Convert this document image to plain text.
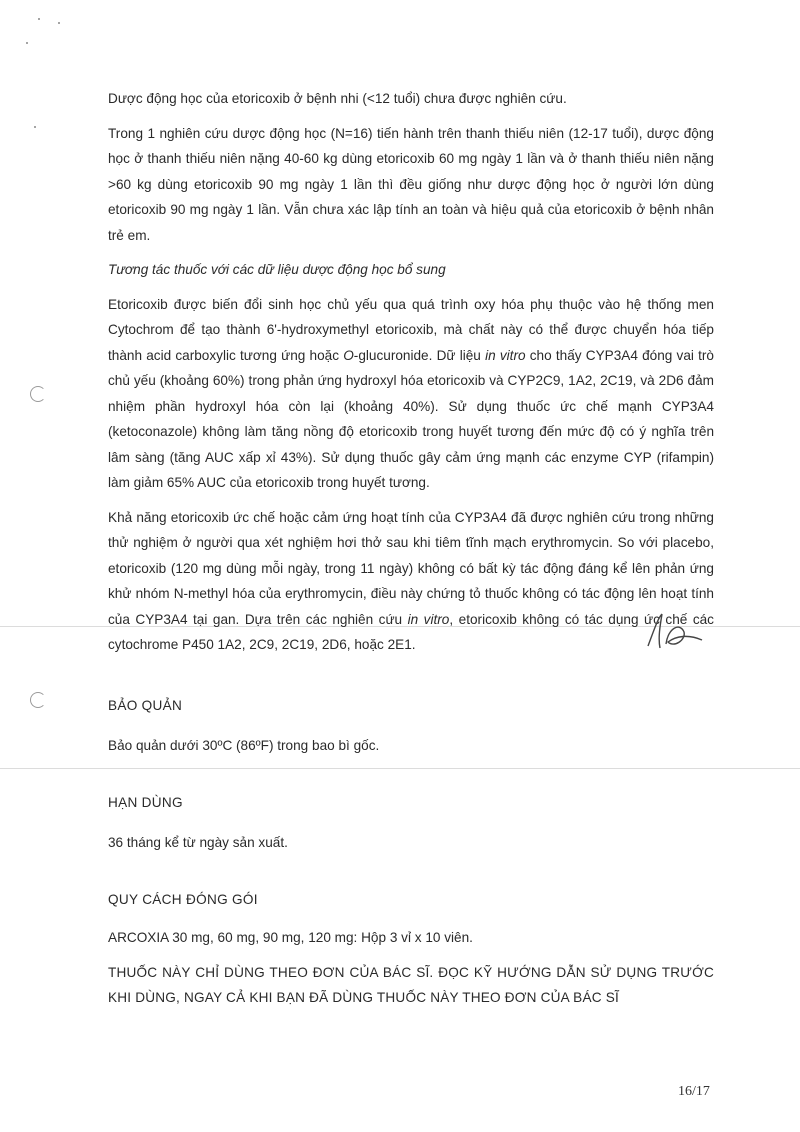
Dược động học của etoricoxib ở bệnh nhi (<12 tuổi) chưa được nghiên cứu.

Trong 1 nghiên cứu dược động học (N=16) tiến hành trên thanh thiếu niên (12-17 tuổi), dược động học ở thanh thiếu niên nặng 40-60 kg dùng etoricoxib 60 mg ngày 1 lần và ở thanh thiếu niên nặng >60 kg dùng etoricoxib 90 mg ngày 1 lần thì đều giống như dược động học ở người lớn dùng etoricoxib 90 mg ngày 1 lần. Vẫn chưa xác lập tính an toàn và hiệu quả của etoricoxib ở bệnh nhân trẻ em.

Tương tác thuốc với các dữ liệu dược động học bổ sung

Etoricoxib được biến đổi sinh học chủ yếu qua quá trình oxy hóa phụ thuộc vào hệ thống men Cytochrom để tạo thành 6'-hydroxymethyl etoricoxib, mà chất này có thể được chuyển hóa tiếp thành acid carboxylic tương ứng hoặc O-glucuronide. Dữ liệu in vitro cho thấy CYP3A4 đóng vai trò chủ yếu (khoảng 60%) trong phản ứng hydroxyl hóa etoricoxib và CYP2C9, 1A2, 2C19, và 2D6 đảm nhiệm phần hydroxyl hóa còn lại (khoảng 40%). Sử dụng thuốc ức chế mạnh CYP3A4 (ketoconazole) không làm tăng nồng độ etoricoxib trong huyết tương đến mức độ có ý nghĩa trên lâm sàng (tăng AUC xấp xỉ 43%). Sử dụng thuốc gây cảm ứng mạnh các enzyme CYP (rifampin) làm giảm 65% AUC của etoricoxib trong huyết tương.

Khả năng etoricoxib ức chế hoặc cảm ứng hoạt tính của CYP3A4 đã được nghiên cứu trong những thử nghiệm ở người qua xét nghiệm hơi thở sau khi tiêm tĩnh mạch erythromycin. So với placebo, etoricoxib (120 mg dùng mỗi ngày, trong 11 ngày) không có bất kỳ tác động đáng kể lên phản ứng khử nhóm N-methyl hóa của erythromycin, điều này chứng tỏ thuốc không có tác động lên hoạt tính của CYP3A4 tại gan. Dựa trên các nghiên cứu in vitro, etoricoxib không có tác dụng ức chế các cytochrome P450 1A2, 2C9, 2C19, 2D6, hoặc 2E1.

BẢO QUẢN

Bảo quản dưới 30ºC (86ºF) trong bao bì gốc.

HẠN DÙNG

36 tháng kể từ ngày sản xuất.

QUY CÁCH ĐÓNG GÓI

ARCOXIA 30 mg, 60 mg, 90 mg, 120 mg: Hộp 3 vỉ x 10 viên.

THUỐC NÀY CHỈ DÙNG THEO ĐƠN CỦA BÁC SĨ. ĐỌC KỸ HƯỚNG DẪN SỬ DỤNG TRƯỚC KHI DÙNG, NGAY CẢ KHI BẠN ĐÃ DÙNG THUỐC NÀY THEO ĐƠN CỦA BÁC SĨ

16/17
